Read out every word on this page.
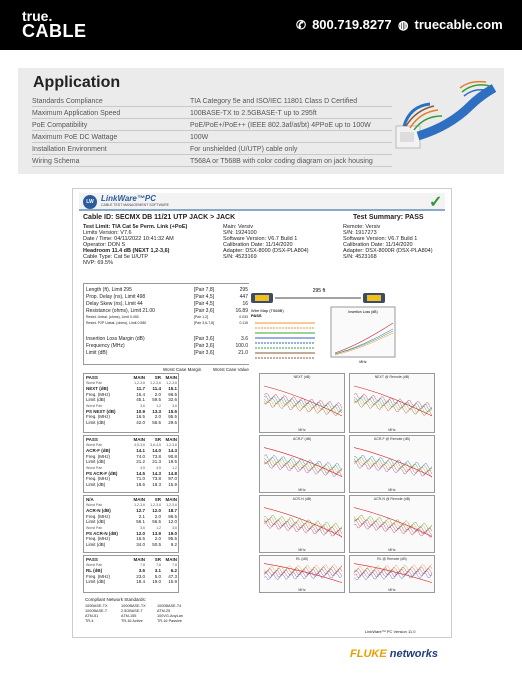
true.
CABLE	✆ 800.719.8277 ◍ truecable.com
Application
Standards Compliance	TIA Category 5e and ISO/IEC 11801 Class D Certified
Maximum Application Speed	100BASE-TX to 2.5GBASE-T up to 295ft
PoE Compatibility	PoE/PoE+/PoE++ (IEEE 802.3af/at/bt) 4PPoE up to 100W
Maximum PoE DC Wattage	100W
Installation Environment	For unshielded (U/UTP) cable only
Wiring Schema	T568A or T568B with color coding diagram on jack housing
LW LinkWare™PC
CABLE TEST MANAGEMENT SOFTWARE	✓
Cable ID: SECMX DB 11/21 UTP JACK > JACK	Test Summary: PASS
Test Limit: TIA Cat 5e Perm. Link (+PoE)
Limits Version: V7.6
Date / Time: 04/11/2022 10:41:32 AM
Operator: DON S
Headroom 11.4 dB (NEXT 1,2-3,6)
Cable Type: Cat 5e U/UTP
NVP: 69.5%
Main: Versiv
S/N: 1924100
Software Version: V6.7 Build 1
Calibration Date: 11/14/2020
Adapter: DSX-8000 (DSX-PLA804)
S/N: 4523169
Remote: Versiv
S/N: 1917273
Software Version: V6.7 Build 1
Calibration Date: 11/14/2020
Adapter: DSX-8000R (DSX-PLA804)
S/N: 4523168
Length (ft), Limit 295	[Pair 7,8]	295
Prop. Delay (ns), Limit 498	[Pair 4,5]	447
Delay Skew (ns), Limit 44	[Pair 4,5]	16
Resistance (ohms), Limit 21.00	[Pair 3,6]	16.89
Resist. Unbal. (ohms), Limit 0.490	[Pair 1,2]	0.033
Resist. P2P Unbal. (ohms), Limit 0.580	[Pair 3,6-7,8]	0.115
Insertion Loss Margin (dB)	[Pair 3,6]	3.6
Frequency (MHz)	[Pair 3,6]	100.0
Limit (dB)	[Pair 3,6]	21.0
295 ft
Wire Map (T568B)
PASS
Insertion Loss (dB)
MHz
Worst Case Margin	Worst Case Value
PASS	MAIN	SR	MAIN
Worst Pair	1,2-3,6	1,2-3,6	1,2-3,6
NEXT (dB)	11.7	11.4	15.1
Freq. (MHz)	16.4	2.0	96.5
Limit (dB)	45.1	59.5	32.6
Worst Pair	3,6	1,2	3,6
PS NEXT (dB)	10.9	13.3	15.5
Freq. (MHz)	16.5	2.0	95.5
Limit (dB)	42.0	56.5	29.6
NEXT (dB)
MHz
NEXT @ Remote (dB)
MHz
PASS	MAIN	SR	MAIN
Worst Pair	4,5-3,6	3,6-4,5	1,2-3,6
ACR-F (dB)	14.1	14.0	14.3
Freq. (MHz)	74.0	73.8	90.8
Limit (dB)	21.2	21.3	19.5
Worst Pair	4,5	4,5	1,2
PS ACR-F (dB)	14.5	14.3	14.8
Freq. (MHz)	71.0	73.8	97.0
Limit (dB)	18.6	18.3	15.9
ACR-F (dB)
MHz
ACR-F @ Remote (dB)
MHz
N/A	MAIN	SR	MAIN
Worst Pair	1,2-3,6	1,2-3,6	1,2-3,6
ACR-N (dB)	12.7	12.0	18.7
Freq. (MHz)	2.1	2.0	96.5
Limit (dB)	56.1	56.5	12.0
Worst Pair	3,6	1,2	3,6
PS ACR-N (dB)	12.0	13.9	19.0
Freq. (MHz)	16.5	2.0	95.5
Limit (dB)	34.0	50.5	9.2
ACR-N (dB)
MHz
ACR-N @ Remote (dB)
MHz
PASS	MAIN	SR	MAIN
Worst Pair	7,8	7,8	7,8
RL (dB)	3.5	3.1	6.2
Freq. (MHz)	23.0	5.0	47.3
Limit (dB)	18.4	19.0	15.9
RL (dB)
MHz
RL @ Remote (dB)
MHz
Compliant Network Standards:
100BASE-TX	1000BASE-TX	1000BASE-T4
1000BASE-T	2.5GBASE-T	ATM-25
ATM-51	ATM-155	100VG-AnyLan
TR-4	TR-16 Active	TR-16 Passive
LinkWare™ PC Version 11.0
FLUKE networks
